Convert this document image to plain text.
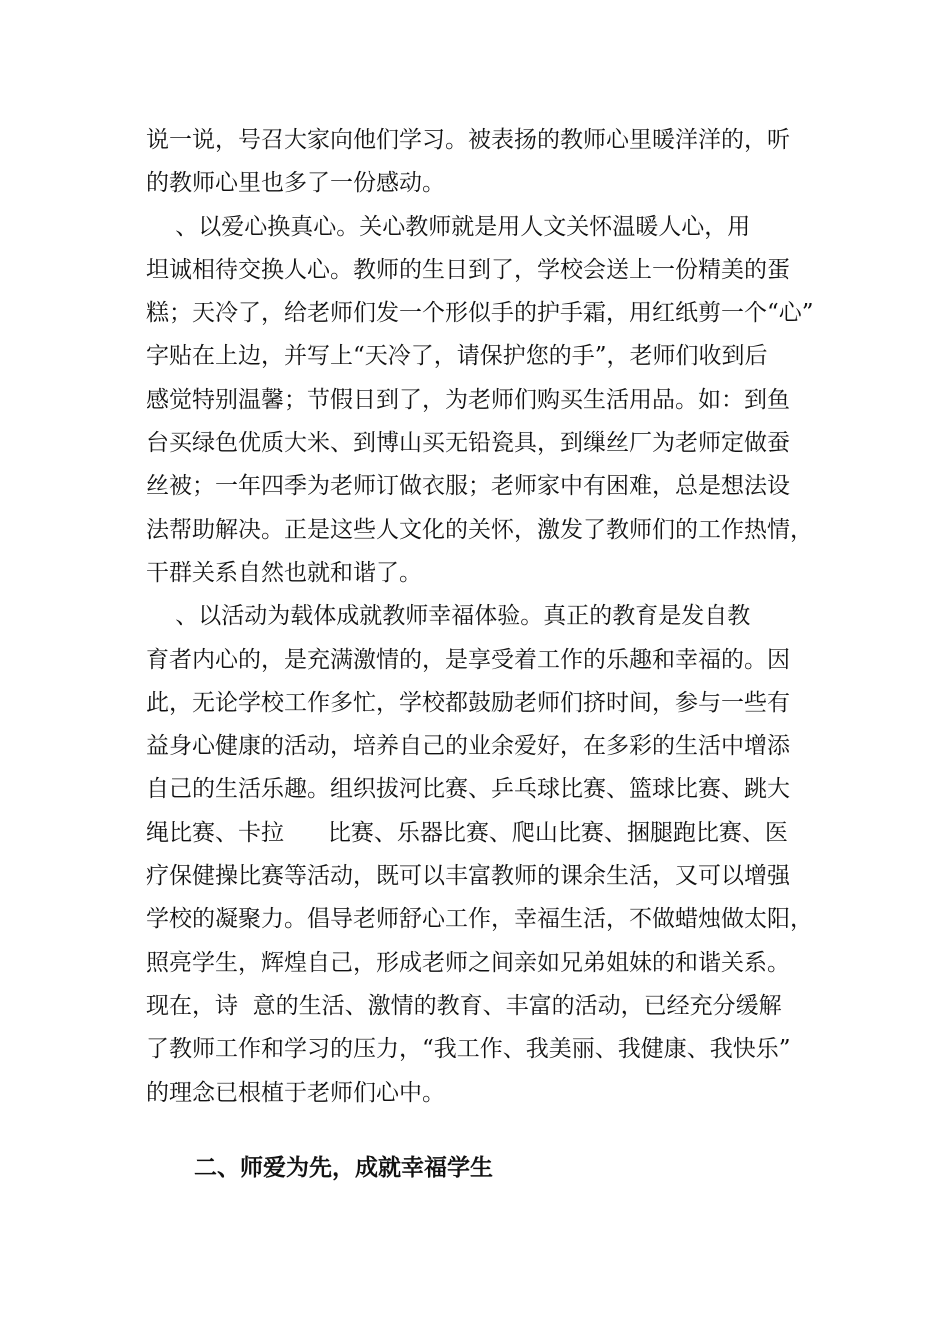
说一说，号召大家向他们学习。被表扬的教师心里暖洋洋的，听
的教师心里也多了一份感动。
、以爱心换真心。关心教师就是用人文关怀温暖人心，用
坦诚相待交换人心。教师的生日到了，学校会送上一份精美的蛋
糕；天冷了，给老师们发一个形似手的护手霜，用红纸剪一个“心”
字贴在上边，并写上“天冷了，请保护您的手”，老师们收到后
感觉特别温馨；节假日到了，为老师们购买生活用品。如：到鱼
台买绿色优质大米、到博山买无铅瓷具，到缫丝厂为老师定做蚕
丝被；一年四季为老师订做衣服；老师家中有困难，总是想法设
法帮助解决。正是这些人文化的关怀，激发了教师们的工作热情，
干群关系自然也就和谐了。
、以活动为载体成就教师幸福体验。真正的教育是发自教
育者内心的，是充满激情的，是享受着工作的乐趣和幸福的。因
此，无论学校工作多忙，学校都鼓励老师们挤时间，参与一些有
益身心健康的活动，培养自己的业余爱好，在多彩的生活中增添
自己的生活乐趣。组织拔河比赛、乒乓球比赛、篮球比赛、跳大
绳比赛、卡拉      比赛、乐器比赛、爬山比赛、捆腿跑比赛、医
疗保健操比赛等活动，既可以丰富教师的课余生活，又可以增强
学校的凝聚力。倡导老师舒心工作，幸福生活，不做蜡烛做太阳，
照亮学生，辉煌自己，形成老师之间亲如兄弟姐妹的和谐关系。
现在，诗  意的生活、激情的教育、丰富的活动，已经充分缓解
了教师工作和学习的压力，“我工作、我美丽、我健康、我快乐”
的理念已根植于老师们心中。
二、师爱为先，成就幸福学生
